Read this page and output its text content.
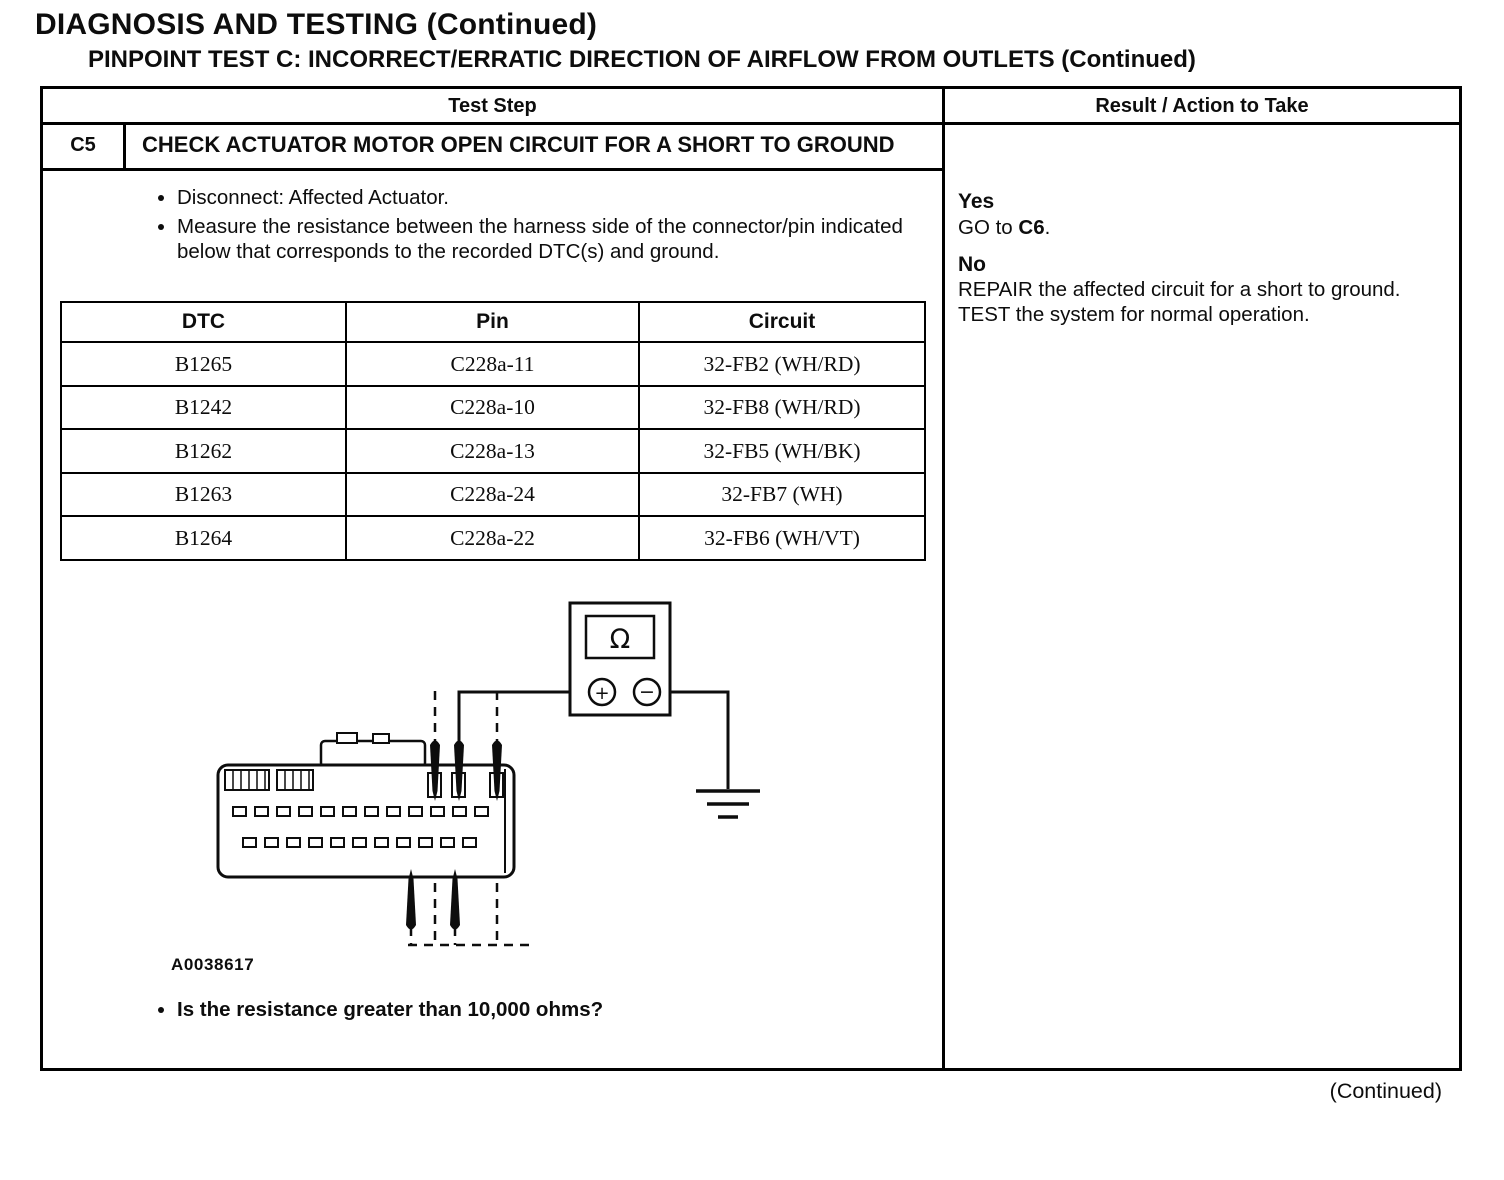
DIAGNOSIS AND TESTING (Continued)
PINPOINT TEST C: INCORRECT/ERRATIC DIRECTION OF AIRFLOW FROM OUTLETS (Continued)
Test Step
C5	CHECK ACTUATOR MOTOR OPEN CIRCUIT FOR A SHORT TO GROUND
• Disconnect: Affected Actuator.
• Measure the resistance between the harness side of the connector/pin indicated below that corresponds to the recorded DTC(s) and ground.
DTC	Pin	Circuit
B1265	C228a-11	32-FB2 (WH/RD)
B1242	C228a-10	32-FB8 (WH/RD)
B1262	C228a-13	32-FB5 (WH/BK)
B1263	C228a-24	32-FB7 (WH)
B1264	C228a-22	32-FB6 (WH/VT)
Ω
+ −
A0038617
• Is the resistance greater than 10,000 ohms?
Result / Action to Take
Yes

GO to C6.

No

REPAIR the affected circuit for a short to ground. TEST the system for normal operation.

(Continued)
